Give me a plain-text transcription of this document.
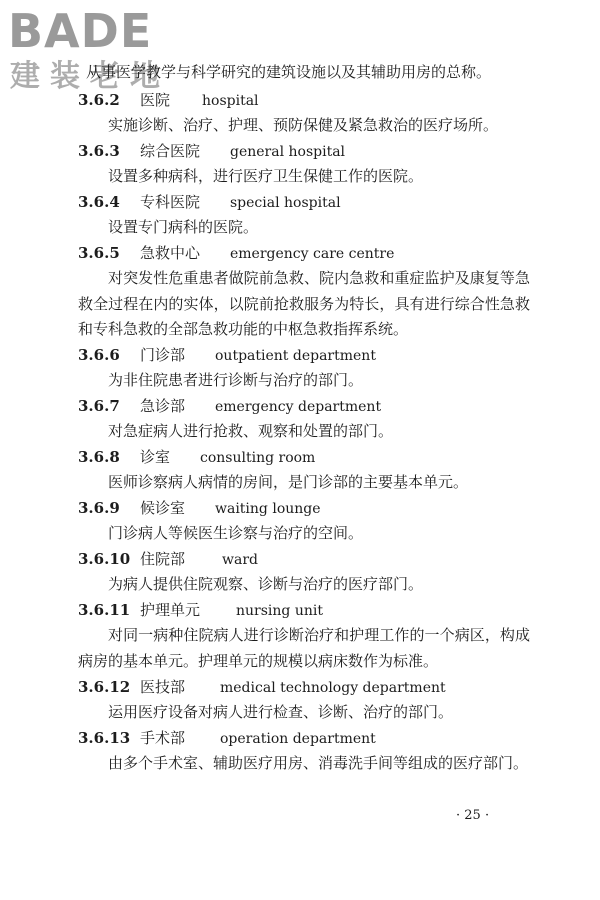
BADE
建装老地
从事医学教学与科学研究的建筑设施以及其辅助用房的总称。
3.6.2 医院 hospital
实施诊断、治疗、护理、预防保健及紧急救治的医疗场所。
3.6.3 综合医院 general hospital
设置多种病科，进行医疗卫生保健工作的医院。
3.6.4 专科医院 special hospital
设置专门病科的医院。
3.6.5 急救中心 emergency care centre
对突发性危重患者做院前急救、院内急救和重症监护及康复等急救全过程在内的实体，以院前抢救服务为特长，具有进行综合性急救和专科急救的全部急救功能的中枢急救指挥系统。
3.6.6 门诊部 outpatient department
为非住院患者进行诊断与治疗的部门。
3.6.7 急诊部 emergency department
对急症病人进行抢救、观察和处置的部门。
3.6.8 诊室 consulting room
医师诊察病人病情的房间，是门诊部的主要基本单元。
3.6.9 候诊室 waiting lounge
门诊病人等候医生诊察与治疗的空间。
3.6.10 住院部	ward
为病人提供住院观察、诊断与治疗的医疗部门。
3.6.11 护理单元	nursing unit
对同一病种住院病人进行诊断治疗和护理工作的一个病区，构成病房的基本单元。护理单元的规模以病床数作为标准。
3.6.12 医技部 medical technology department
运用医疗设备对病人进行检查、诊断、治疗的部门。
3.6.13 手术部 operation department
由多个手术室、辅助医疗用房、消毒洗手间等组成的医疗部门。
· 25 ·
